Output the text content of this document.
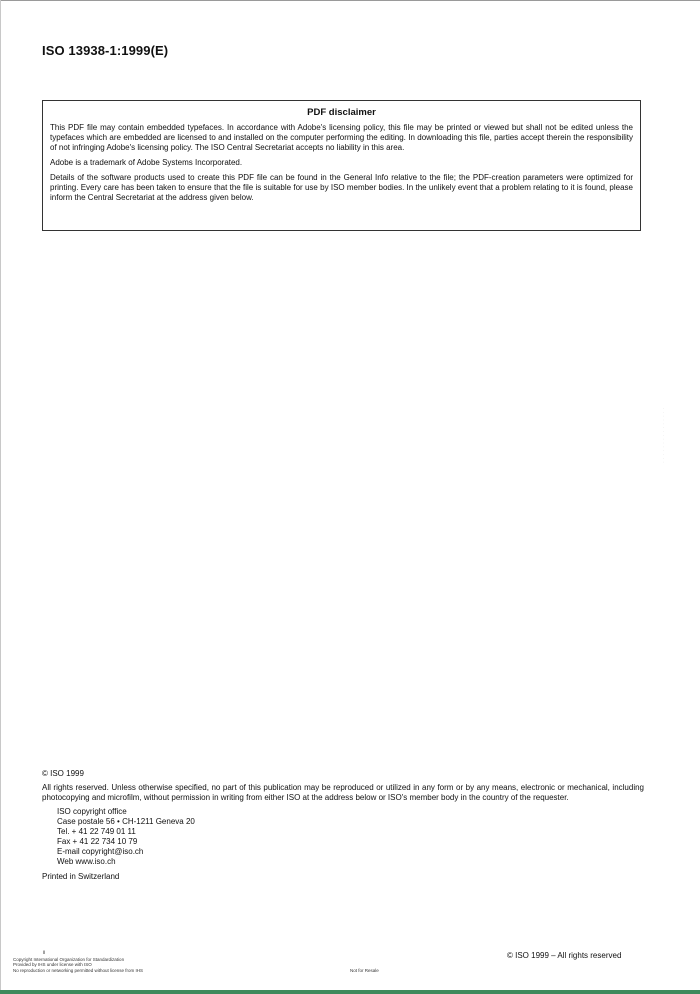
ISO 13938-1:1999(E)
PDF disclaimer

This PDF file may contain embedded typefaces. In accordance with Adobe's licensing policy, this file may be printed or viewed but shall not be edited unless the typefaces which are embedded are licensed to and installed on the computer performing the editing. In downloading this file, parties accept therein the responsibility of not infringing Adobe's licensing policy. The ISO Central Secretariat accepts no liability in this area.

Adobe is a trademark of Adobe Systems Incorporated.

Details of the software products used to create this PDF file can be found in the General Info relative to the file; the PDF-creation parameters were optimized for printing. Every care has been taken to ensure that the file is suitable for use by ISO member bodies. In the unlikely event that a problem relating to it is found, please inform the Central Secretariat at the address given below.

- - - - - - - - - - - - - - -
© ISO 1999
All rights reserved. Unless otherwise specified, no part of this publication may be reproduced or utilized in any form or by any means, electronic or mechanical, including photocopying and microfilm, without permission in writing from either ISO at the address below or ISO's member body in the country of the requester.
ISO copyright office
Case postale 56 • CH-1211 Geneva 20
Tel. + 41 22 749 01 11
Fax + 41 22 734 10 79
E-mail copyright@iso.ch
Web www.iso.ch
Printed in Switzerland
ii
Copyright International Organization for Standardization
Provided by IHS under license with ISO
No reproduction or networking permitted without license from IHS
© ISO 1999 – All rights reserved
Not for Resale
